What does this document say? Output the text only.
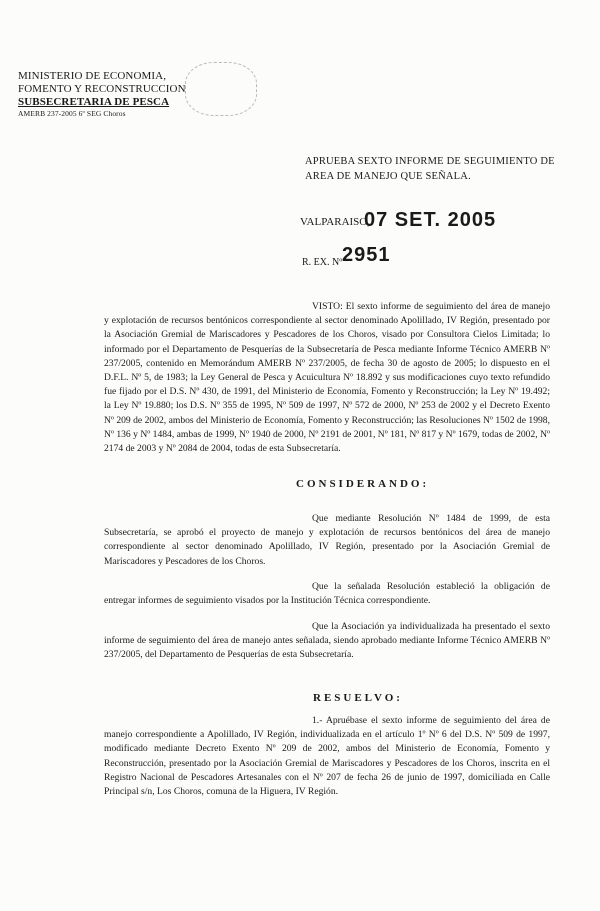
MINISTERIO DE ECONOMIA,
FOMENTO Y RECONSTRUCCION
SUBSECRETARIA DE PESCA
AMERB 237-2005 6º SEG Choros
APRUEBA SEXTO INFORME DE SEGUIMIENTO DE AREA DE MANEJO QUE SEÑALA.
VALPARAISO,
07 SET. 2005
R. EX. Nº 2951

VISTO: El sexto informe de seguimiento del área de manejo y explotación de recursos bentónicos correspondiente al sector denominado Apolillado, IV Región, presentado por la Asociación Gremial de Mariscadores y Pescadores de los Choros, visado por Consultora Cielos Limitada; lo informado por el Departamento de Pesquerías de la Subsecretaría de Pesca mediante Informe Técnico AMERB Nº 237/2005, contenido en Memorándum AMERB Nº 237/2005, de fecha 30 de agosto de 2005; lo dispuesto en el D.F.L. Nº 5, de 1983; la Ley General de Pesca y Acuicultura Nº 18.892 y sus modificaciones cuyo texto refundido fue fijado por el D.S. Nº 430, de 1991, del Ministerio de Economía, Fomento y Reconstrucción; la Ley Nº 19.492; la Ley Nº 19.880; los D.S. Nº 355 de 1995, Nº 509 de 1997, Nº 572 de 2000, Nº 253 de 2002 y el Decreto Exento Nº 209 de 2002, ambos del Ministerio de Economía, Fomento y Reconstrucción; las Resoluciones Nº 1502 de 1998, Nº 136 y Nº 1484, ambas de 1999, Nº 1940 de 2000, Nº 2191 de 2001, Nº 181, Nº 817 y Nº 1679, todas de 2002, Nº 2174 de 2003 y Nº 2084 de 2004, todas de esta Subsecretaría.

CONSIDERANDO:

Que mediante Resolución Nº 1484 de 1999, de esta Subsecretaría, se aprobó el proyecto de manejo y explotación de recursos bentónicos del área de manejo correspondiente al sector denominado Apolillado, IV Región, presentado por la Asociación Gremial de Mariscadores y Pescadores de los Choros.

Que la señalada Resolución estableció la obligación de entregar informes de seguimiento visados por la Institución Técnica correspondiente.

Que la Asociación ya individualizada ha presentado el sexto informe de seguimiento del área de manejo antes señalada, siendo aprobado mediante Informe Técnico AMERB Nº 237/2005, del Departamento de Pesquerías de esta Subsecretaría.

RESUELVO:

1.- Apruébase el sexto informe de seguimiento del área de manejo correspondiente a Apolillado, IV Región, individualizada en el artículo 1º Nº 6 del D.S. Nº 509 de 1997, modificado mediante Decreto Exento Nº 209 de 2002, ambos del Ministerio de Economía, Fomento y Reconstrucción, presentado por la Asociación Gremial de Mariscadores y Pescadores de los Choros, inscrita en el Registro Nacional de Pescadores Artesanales con el Nº 207 de fecha 26 de junio de 1997, domiciliada en Calle Principal s/n, Los Choros, comuna de la Higuera, IV Región.
